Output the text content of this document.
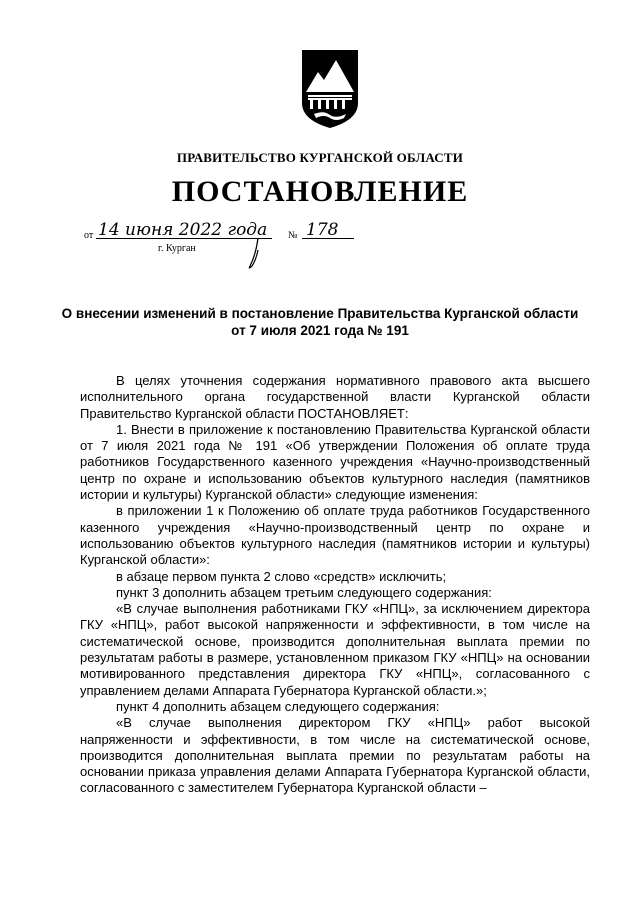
ПРАВИТЕЛЬСТВО КУРГАНСКОЙ ОБЛАСТИ
ПОСТАНОВЛЕНИЕ
от 14 июня 2022 года № 178
г. Курган
О внесении изменений в постановление Правительства Курганской области от 7 июля 2021 года № 191

В целях уточнения содержания нормативного правового акта высшего исполнительного органа государственной власти Курганской области Правительство Курганской области ПОСТАНОВЛЯЕТ:

1. Внести в приложение к постановлению Правительства Курганской области от 7 июля 2021 года № 191 «Об утверждении Положения об оплате труда работников Государственного казенного учреждения «Научно-производственный центр по охране и использованию объектов культурного наследия (памятников истории и культуры) Курганской области» следующие изменения:

в приложении 1 к Положению об оплате труда работников Государственного казенного учреждения «Научно-производственный центр по охране и использованию объектов культурного наследия (памятников истории и культуры) Курганской области»:

в абзаце первом пункта 2 слово «средств» исключить;

пункт 3 дополнить абзацем третьим следующего содержания:

«В случае выполнения работниками ГКУ «НПЦ», за исключением директора ГКУ «НПЦ», работ высокой напряженности и эффективности, в том числе на систематической основе, производится дополнительная выплата премии по результатам работы в размере, установленном приказом ГКУ «НПЦ» на основании мотивированного представления директора ГКУ «НПЦ», согласованного с управлением делами Аппарата Губернатора Курганской области.»;

пункт 4 дополнить абзацем следующего содержания:

«В случае выполнения директором ГКУ «НПЦ» работ высокой напряженности и эффективности, в том числе на систематической основе, производится дополнительная выплата премии по результатам работы на основании приказа управления делами Аппарата Губернатора Курганской области, согласованного с заместителем Губернатора Курганской области –
